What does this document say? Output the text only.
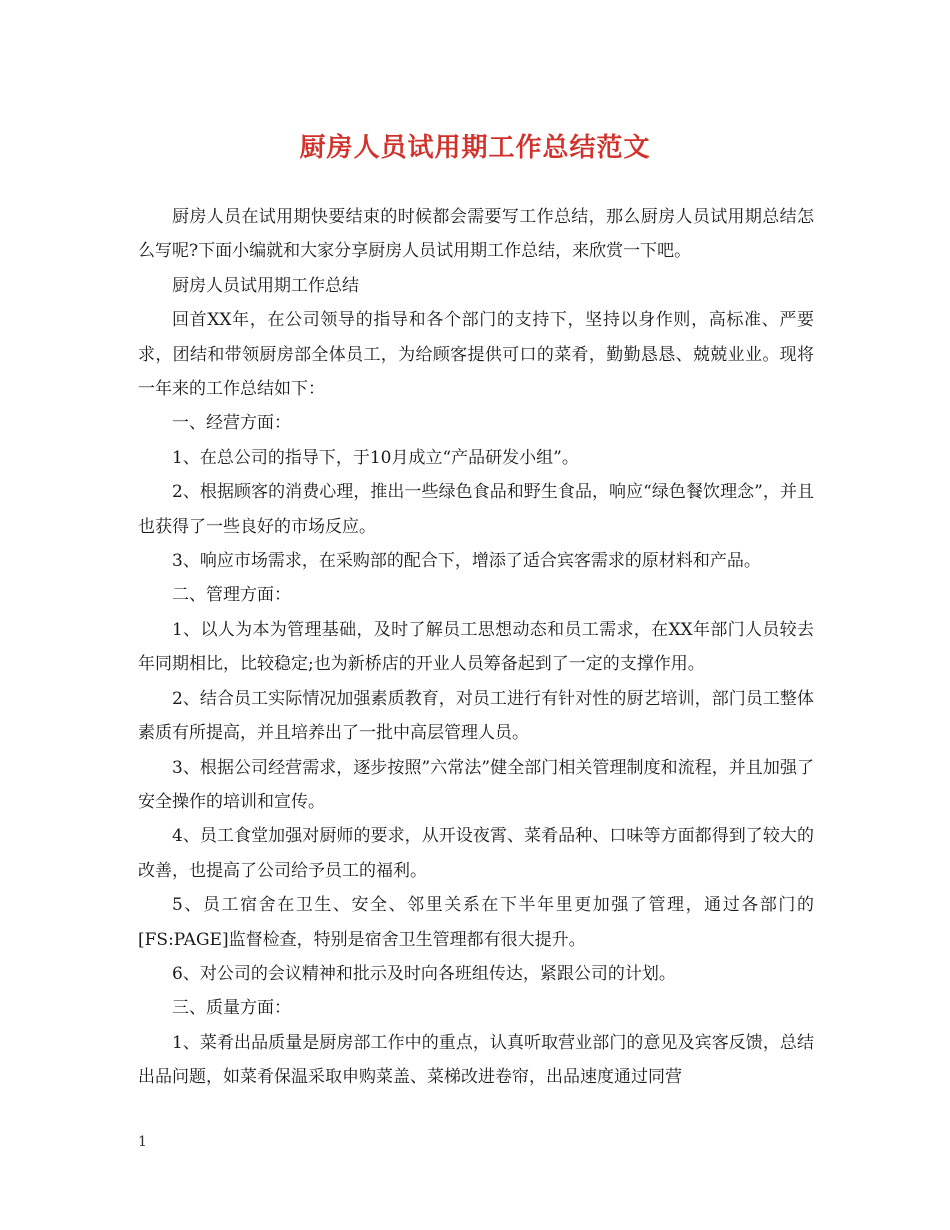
厨房人员试用期工作总结范文

厨房人员在试用期快要结束的时候都会需要写工作总结，那么厨房人员试用期总结怎么写呢?下面小编就和大家分享厨房人员试用期工作总结，来欣赏一下吧。

厨房人员试用期工作总结

回首XX年，在公司领导的指导和各个部门的支持下，坚持以身作则，高标准、严要求，团结和带领厨房部全体员工，为给顾客提供可口的菜肴，勤勤恳恳、兢兢业业。现将一年来的工作总结如下：

一、经营方面：

1、在总公司的指导下，于10月成立“产品研发小组”。

2、根据顾客的消费心理，推出一些绿色食品和野生食品，响应“绿色餐饮理念”，并且也获得了一些良好的市场反应。

3、响应市场需求，在采购部的配合下，增添了适合宾客需求的原材料和产品。

二、管理方面：

1、以人为本为管理基础，及时了解员工思想动态和员工需求，在XX年部门人员较去年同期相比，比较稳定;也为新桥店的开业人员筹备起到了一定的支撑作用。

2、结合员工实际情况加强素质教育，对员工进行有针对性的厨艺培训，部门员工整体素质有所提高，并且培养出了一批中高层管理人员。

3、根据公司经营需求，逐步按照”六常法”健全部门相关管理制度和流程，并且加强了安全操作的培训和宣传。

4、员工食堂加强对厨师的要求，从开设夜霄、菜肴品种、口味等方面都得到了较大的改善，也提高了公司给予员工的福利。

5、员工宿舍在卫生、安全、邻里关系在下半年里更加强了管理，通过各部门的[FS:PAGE]监督检查，特别是宿舍卫生管理都有很大提升。

6、对公司的会议精神和批示及时向各班组传达，紧跟公司的计划。

三、质量方面：

1、菜肴出品质量是厨房部工作中的重点，认真听取营业部门的意见及宾客反馈，总结出品问题，如菜肴保温采取申购菜盖、菜梯改进卷帘，出品速度通过同营

1
